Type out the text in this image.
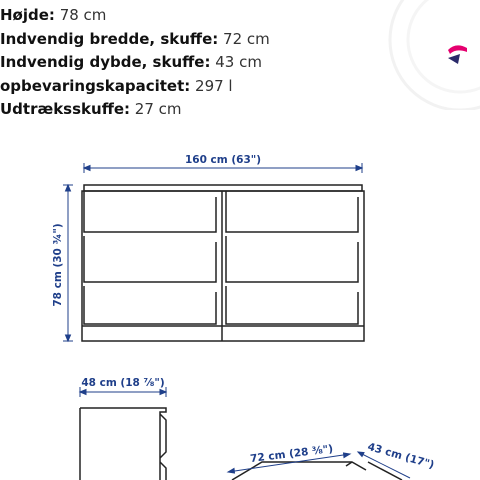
Højde: 78 cm
Indvendig bredde, skuffe: 72 cm
Indvendig dybde, skuffe: 43 cm
opbevaringskapacitet: 297 l
Udtræksskuffe: 27 cm
160 cm (63")
78 cm (30 ¾")
48 cm (18 ⅞")
72 cm (28 ⅜")	43 cm (17")
